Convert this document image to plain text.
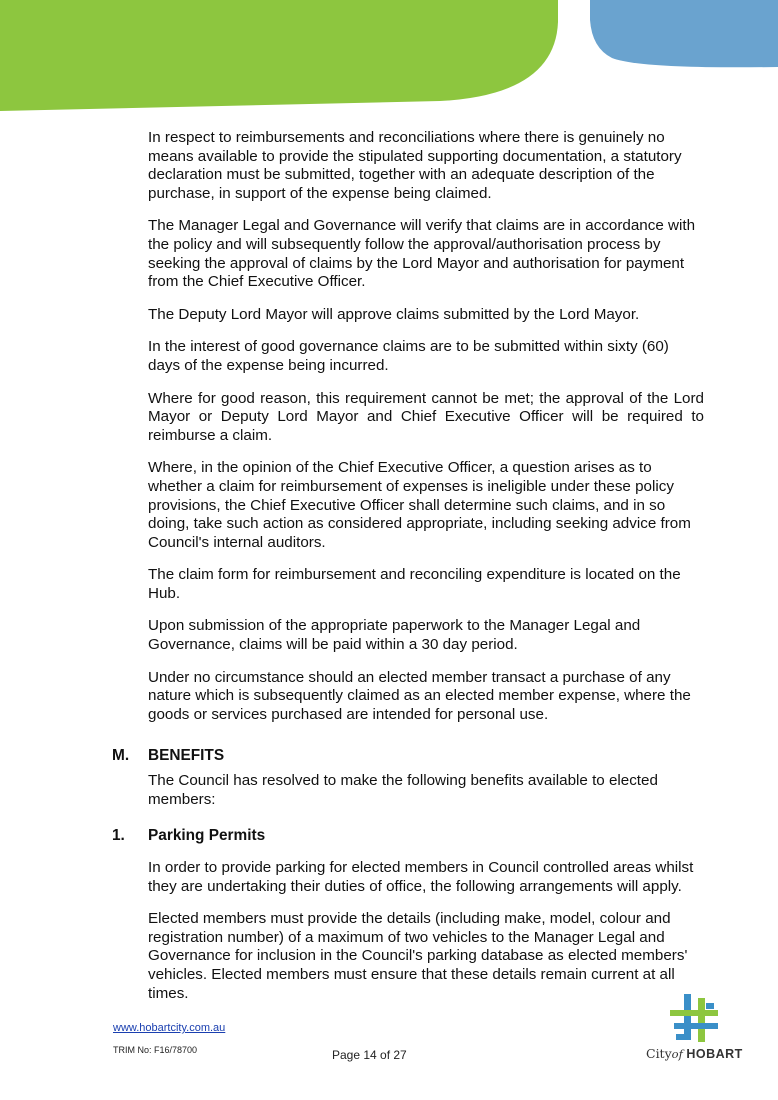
In respect to reimbursements and reconciliations where there is genuinely no means available to provide the stipulated supporting documentation, a statutory declaration must be submitted, together with an adequate description of the purchase, in support of the expense being claimed.

The Manager Legal and Governance will verify that claims are in accordance with the policy and will subsequently follow the approval/authorisation process by seeking the approval of claims by the Lord Mayor and authorisation for payment from the Chief Executive Officer.

The Deputy Lord Mayor will approve claims submitted by the Lord Mayor.

In the interest of good governance claims are to be submitted within sixty (60) days of the expense being incurred.

Where for good reason, this requirement cannot be met; the approval of the Lord Mayor or Deputy Lord Mayor and Chief Executive Officer will be required to reimburse a claim.

Where, in the opinion of the Chief Executive Officer, a question arises as to whether a claim for reimbursement of expenses is ineligible under these policy provisions, the Chief Executive Officer shall determine such claims, and in so doing, take such action as considered appropriate, including seeking advice from Council's internal auditors.

The claim form for reimbursement and reconciling expenditure is located on the Hub.

Upon submission of the appropriate paperwork to the Manager Legal and Governance, claims will be paid within a 30 day period.

Under no circumstance should an elected member transact a purchase of any nature which is subsequently claimed as an elected member expense, where the goods or services purchased are intended for personal use.

M. BENEFITS

The Council has resolved to make the following benefits available to elected members:

1. Parking Permits

In order to provide parking for elected members in Council controlled areas whilst they are undertaking their duties of office, the following arrangements will apply.

Elected members must provide the details (including make, model, colour and registration number) of a maximum of two vehicles to the Manager Legal and Governance for inclusion in the Council's parking database as elected members' vehicles. Elected members must ensure that these details remain current at all times.

www.hobartcity.com.au
TRIM No: F16/78700	Page 14 of 27	Cityof HOBART
